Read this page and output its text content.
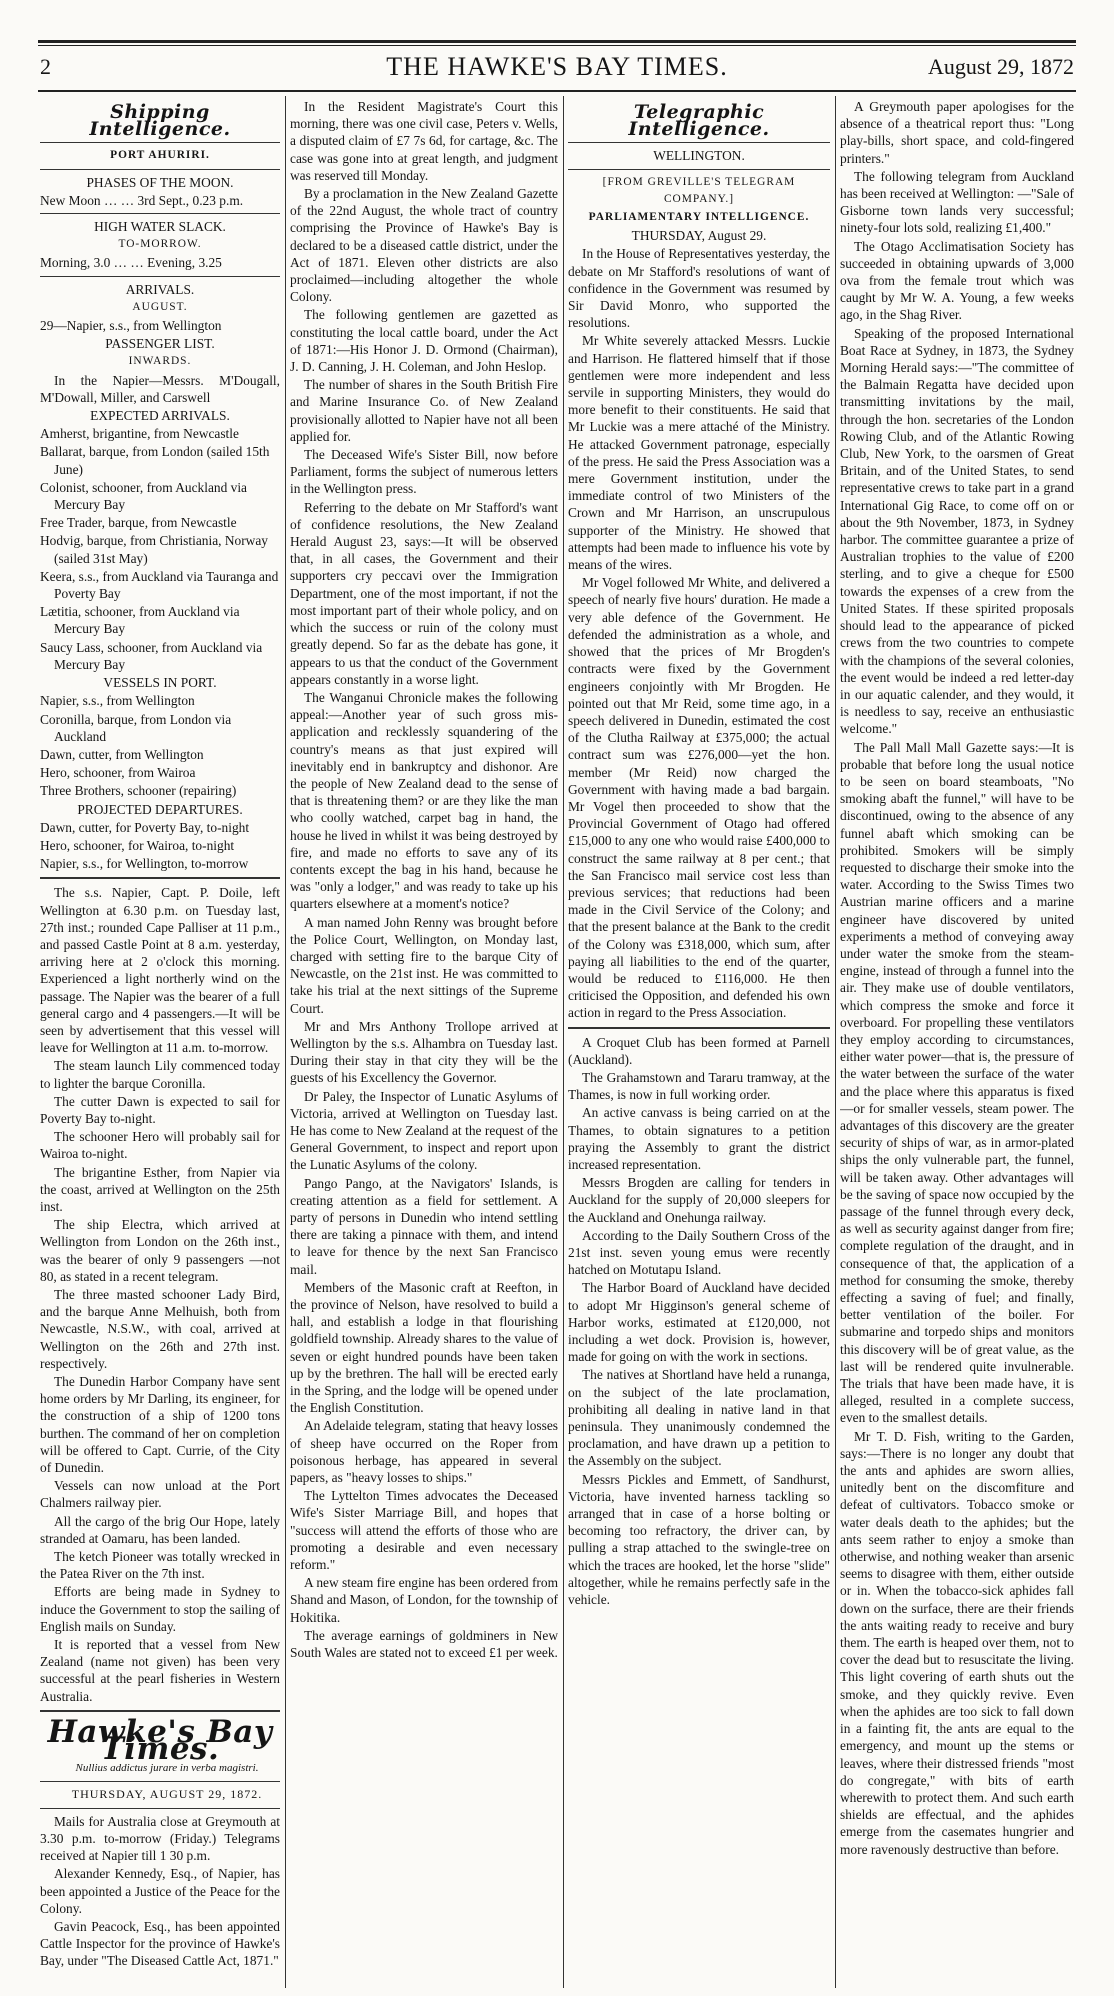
2	THE HAWKE'S BAY TIMES.	August 29, 1872
Shipping Intelligence.

PORT AHURIRI.

PHASES OF THE MOON.

New Moon … … 3rd Sept., 0.23 p.m.

HIGH WATER SLACK.

TO-MORROW.

Morning, 3.0 … … Evening, 3.25

ARRIVALS.

AUGUST.

29—Napier, s.s., from Wellington

PASSENGER LIST.

INWARDS.

In the Napier—Messrs. M'Dougall, M'Dowall, Miller, and Carswell

EXPECTED ARRIVALS.

Amherst, brigantine, from Newcastle

Ballarat, barque, from London (sailed 15th June)

Colonist, schooner, from Auckland via Mercury Bay

Free Trader, barque, from Newcastle

Hodvig, barque, from Christiania, Norway (sailed 31st May)

Keera, s.s., from Auckland via Tauranga and Poverty Bay

Lætitia, schooner, from Auckland via Mercury Bay

Saucy Lass, schooner, from Auckland via Mercury Bay

VESSELS IN PORT.

Napier, s.s., from Wellington

Coronilla, barque, from London via Auckland

Dawn, cutter, from Wellington

Hero, schooner, from Wairoa

Three Brothers, schooner (repairing)

PROJECTED DEPARTURES.

Dawn, cutter, for Poverty Bay, to-night

Hero, schooner, for Wairoa, to-night

Napier, s.s., for Wellington, to-morrow

The s.s. Napier, Capt. P. Doile, left Wellington at 6.30 p.m. on Tuesday last, 27th inst.; rounded Cape Palliser at 11 p.m., and passed Castle Point at 8 a.m. yesterday, arriving here at 2 o'clock this morning. Experienced a light northerly wind on the passage. The Napier was the bearer of a full general cargo and 4 passengers.—It will be seen by advertisement that this vessel will leave for Wellington at 11 a.m. to-morrow.

The steam launch Lily commenced today to lighter the barque Coronilla.

The cutter Dawn is expected to sail for Poverty Bay to-night.

The schooner Hero will probably sail for Wairoa to-night.

The brigantine Esther, from Napier via the coast, arrived at Wellington on the 25th inst.

The ship Electra, which arrived at Wellington from London on the 26th inst., was the bearer of only 9 passengers —not 80, as stated in a recent telegram.

The three masted schooner Lady Bird, and the barque Anne Melhuish, both from Newcastle, N.S.W., with coal, arrived at Wellington on the 26th and 27th inst. respectively.

The Dunedin Harbor Company have sent home orders by Mr Darling, its engineer, for the construction of a ship of 1200 tons burthen. The command of her on completion will be offered to Capt. Currie, of the City of Dunedin.

Vessels can now unload at the Port Chalmers railway pier.

All the cargo of the brig Our Hope, lately stranded at Oamaru, has been landed.

The ketch Pioneer was totally wrecked in the Patea River on the 7th inst.

Efforts are being made in Sydney to induce the Government to stop the sailing of English mails on Sunday.

It is reported that a vessel from New Zealand (name not given) has been very successful at the pearl fisheries in Western Australia.

Hawke's Bay Times.

Nullius addictus jurare in verba magistri.

THURSDAY, AUGUST 29, 1872.

Mails for Australia close at Greymouth at 3.30 p.m. to-morrow (Friday.) Telegrams received at Napier till 1 30 p.m.

Alexander Kennedy, Esq., of Napier, has been appointed a Justice of the Peace for the Colony.

Gavin Peacock, Esq., has been appointed Cattle Inspector for the province of Hawke's Bay, under "The Diseased Cattle Act, 1871."

In the Resident Magistrate's Court this morning, there was one civil case, Peters v. Wells, a disputed claim of £7 7s 6d, for cartage, &c. The case was gone into at great length, and judgment was reserved till Monday.

By a proclamation in the New Zealand Gazette of the 22nd August, the whole tract of country comprising the Province of Hawke's Bay is declared to be a diseased cattle district, under the Act of 1871. Eleven other districts are also proclaimed—including altogether the whole Colony.

The following gentlemen are gazetted as constituting the local cattle board, under the Act of 1871:—His Honor J. D. Ormond (Chairman), J. D. Canning, J. H. Coleman, and John Heslop.

The number of shares in the South British Fire and Marine Insurance Co. of New Zealand provisionally allotted to Napier have not all been applied for.

The Deceased Wife's Sister Bill, now before Parliament, forms the subject of numerous letters in the Wellington press.

Referring to the debate on Mr Stafford's want of confidence resolutions, the New Zealand Herald August 23, says:—It will be observed that, in all cases, the Government and their supporters cry peccavi over the Immigration Department, one of the most important, if not the most important part of their whole policy, and on which the success or ruin of the colony must greatly depend. So far as the debate has gone, it appears to us that the conduct of the Government appears constantly in a worse light.

The Wanganui Chronicle makes the following appeal:—Another year of such gross mis-application and recklessly squandering of the country's means as that just expired will inevitably end in bankruptcy and dishonor. Are the people of New Zealand dead to the sense of that is threatening them? or are they like the man who coolly watched, carpet bag in hand, the house he lived in whilst it was being destroyed by fire, and made no efforts to save any of its contents except the bag in his hand, because he was "only a lodger," and was ready to take up his quarters elsewhere at a moment's notice?

A man named John Renny was brought before the Police Court, Wellington, on Monday last, charged with setting fire to the barque City of Newcastle, on the 21st inst. He was committed to take his trial at the next sittings of the Supreme Court.

Mr and Mrs Anthony Trollope arrived at Wellington by the s.s. Alhambra on Tuesday last. During their stay in that city they will be the guests of his Excellency the Governor.

Dr Paley, the Inspector of Lunatic Asylums of Victoria, arrived at Wellington on Tuesday last. He has come to New Zealand at the request of the General Government, to inspect and report upon the Lunatic Asylums of the colony.

Pango Pango, at the Navigators' Islands, is creating attention as a field for settlement. A party of persons in Dunedin who intend settling there are taking a pinnace with them, and intend to leave for thence by the next San Francisco mail.

Members of the Masonic craft at Reefton, in the province of Nelson, have resolved to build a hall, and establish a lodge in that flourishing goldfield township. Already shares to the value of seven or eight hundred pounds have been taken up by the brethren. The hall will be erected early in the Spring, and the lodge will be opened under the English Constitution.

An Adelaide telegram, stating that heavy losses of sheep have occurred on the Roper from poisonous herbage, has appeared in several papers, as "heavy losses to ships."

The Lyttelton Times advocates the Deceased Wife's Sister Marriage Bill, and hopes that "success will attend the efforts of those who are promoting a desirable and even necessary reform."

A new steam fire engine has been ordered from Shand and Mason, of London, for the township of Hokitika.

The average earnings of goldminers in New South Wales are stated not to exceed £1 per week.

Telegraphic Intelligence.

WELLINGTON.

[FROM GREVILLE'S TELEGRAM COMPANY.]

PARLIAMENTARY INTELLIGENCE.

THURSDAY, August 29.

In the House of Representatives yesterday, the debate on Mr Stafford's resolutions of want of confidence in the Government was resumed by Sir David Monro, who supported the resolutions.

Mr White severely attacked Messrs. Luckie and Harrison. He flattered himself that if those gentlemen were more independent and less servile in supporting Ministers, they would do more benefit to their constituents. He said that Mr Luckie was a mere attaché of the Ministry. He attacked Government patronage, especially of the press. He said the Press Association was a mere Government institution, under the immediate control of two Ministers of the Crown and Mr Harrison, an unscrupulous supporter of the Ministry. He showed that attempts had been made to influence his vote by means of the wires.

Mr Vogel followed Mr White, and delivered a speech of nearly five hours' duration. He made a very able defence of the Government. He defended the administration as a whole, and showed that the prices of Mr Brogden's contracts were fixed by the Government engineers conjointly with Mr Brogden. He pointed out that Mr Reid, some time ago, in a speech delivered in Dunedin, estimated the cost of the Clutha Railway at £375,000; the actual contract sum was £276,000—yet the hon. member (Mr Reid) now charged the Government with having made a bad bargain. Mr Vogel then proceeded to show that the Provincial Government of Otago had offered £15,000 to any one who would raise £400,000 to construct the same railway at 8 per cent.; that the San Francisco mail service cost less than previous services; that reductions had been made in the Civil Service of the Colony; and that the present balance at the Bank to the credit of the Colony was £318,000, which sum, after paying all liabilities to the end of the quarter, would be reduced to £116,000. He then criticised the Opposition, and defended his own action in regard to the Press Association.

A Croquet Club has been formed at Parnell (Auckland).

The Grahamstown and Tararu tramway, at the Thames, is now in full working order.

An active canvass is being carried on at the Thames, to obtain signatures to a petition praying the Assembly to grant the district increased representation.

Messrs Brogden are calling for tenders in Auckland for the supply of 20,000 sleepers for the Auckland and Onehunga railway.

According to the Daily Southern Cross of the 21st inst. seven young emus were recently hatched on Motutapu Island.

The Harbor Board of Auckland have decided to adopt Mr Higginson's general scheme of Harbor works, estimated at £120,000, not including a wet dock. Provision is, however, made for going on with the work in sections.

The natives at Shortland have held a runanga, on the subject of the late proclamation, prohibiting all dealing in native land in that peninsula. They unanimously condemned the proclamation, and have drawn up a petition to the Assembly on the subject.

Messrs Pickles and Emmett, of Sandhurst, Victoria, have invented harness tackling so arranged that in case of a horse bolting or becoming too refractory, the driver can, by pulling a strap attached to the swingle-tree on which the traces are hooked, let the horse "slide" altogether, while he remains perfectly safe in the vehicle.

A Greymouth paper apologises for the absence of a theatrical report thus: "Long play-bills, short space, and cold-fingered printers."

The following telegram from Auckland has been received at Wellington: —"Sale of Gisborne town lands very successful; ninety-four lots sold, realizing £1,400."

The Otago Acclimatisation Society has succeeded in obtaining upwards of 3,000 ova from the female trout which was caught by Mr W. A. Young, a few weeks ago, in the Shag River.

Speaking of the proposed International Boat Race at Sydney, in 1873, the Sydney Morning Herald says:—"The committee of the Balmain Regatta have decided upon transmitting invitations by the mail, through the hon. secretaries of the London Rowing Club, and of the Atlantic Rowing Club, New York, to the oarsmen of Great Britain, and of the United States, to send representative crews to take part in a grand International Gig Race, to come off on or about the 9th November, 1873, in Sydney harbor. The committee guarantee a prize of Australian trophies to the value of £200 sterling, and to give a cheque for £500 towards the expenses of a crew from the United States. If these spirited proposals should lead to the appearance of picked crews from the two countries to compete with the champions of the several colonies, the event would be indeed a red letter-day in our aquatic calender, and they would, it is needless to say, receive an enthusiastic welcome."

The Pall Mall Mall Gazette says:—It is probable that before long the usual notice to be seen on board steamboats, "No smoking abaft the funnel," will have to be discontinued, owing to the absence of any funnel abaft which smoking can be prohibited. Smokers will be simply requested to discharge their smoke into the water. According to the Swiss Times two Austrian marine officers and a marine engineer have discovered by united experiments a method of conveying away under water the smoke from the steam-engine, instead of through a funnel into the air. They make use of double ventilators, which compress the smoke and force it overboard. For propelling these ventilators they employ according to circumstances, either water power—that is, the pressure of the water between the surface of the water and the place where this apparatus is fixed—or for smaller vessels, steam power. The advantages of this discovery are the greater security of ships of war, as in armor-plated ships the only vulnerable part, the funnel, will be taken away. Other advantages will be the saving of space now occupied by the passage of the funnel through every deck, as well as security against danger from fire; complete regulation of the draught, and in consequence of that, the application of a method for consuming the smoke, thereby effecting a saving of fuel; and finally, better ventilation of the boiler. For submarine and torpedo ships and monitors this discovery will be of great value, as the last will be rendered quite invulnerable. The trials that have been made have, it is alleged, resulted in a complete success, even to the smallest details.

Mr T. D. Fish, writing to the Garden, says:—There is no longer any doubt that the ants and aphides are sworn allies, unitedly bent on the discomfiture and defeat of cultivators. Tobacco smoke or water deals death to the aphides; but the ants seem rather to enjoy a smoke than otherwise, and nothing weaker than arsenic seems to disagree with them, either outside or in. When the tobacco-sick aphides fall down on the surface, there are their friends the ants waiting ready to receive and bury them. The earth is heaped over them, not to cover the dead but to resuscitate the living. This light covering of earth shuts out the smoke, and they quickly revive. Even when the aphides are too sick to fall down in a fainting fit, the ants are equal to the emergency, and mount up the stems or leaves, where their distressed friends "most do congregate," with bits of earth wherewith to protect them. And such earth shields are effectual, and the aphides emerge from the casemates hungrier and more ravenously destructive than before.
